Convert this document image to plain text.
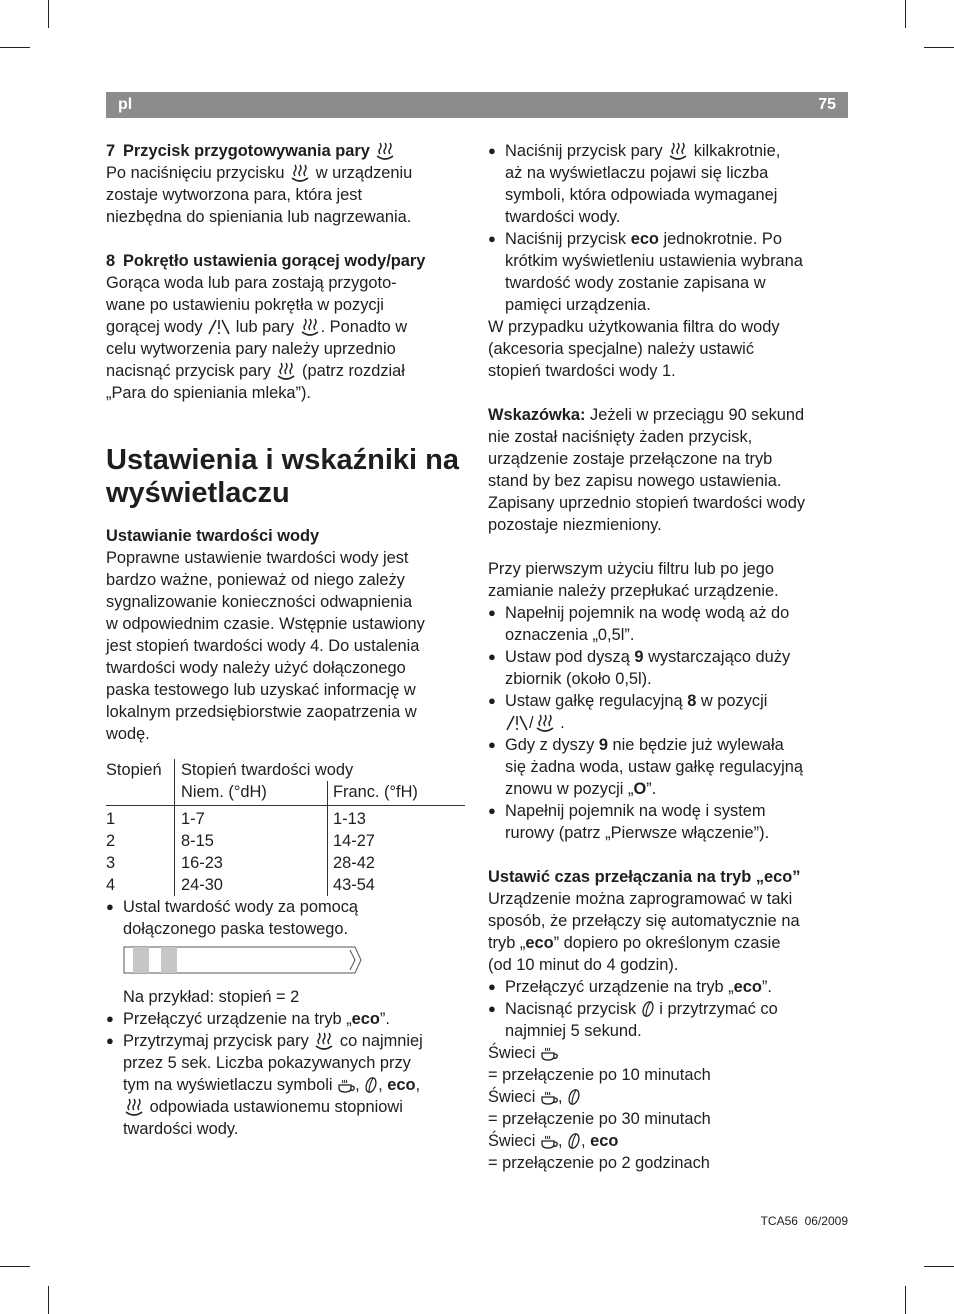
pl	75

7 Przycisk przygotowywania pary

Po naciśnięciu przycisku w urządzeniu

zostaje wytworzona para, która jest

niezbędna do spieniania lub nagrzewania.

8 Pokrętło ustawienia gorącej wody/pary

Gorąca woda lub para zostają przygoto-

wane po ustawieniu pokrętła w pozycji

gorącej wody lub pary . Ponadto w

celu wytworzenia pary należy uprzednio

nacisnąć przycisk pary (patrz rozdział

„Para do spieniania mleka”).

Ustawienia i wskaźniki na
wyświetlaczu

Ustawianie twardości wody

Poprawne ustawienie twardości wody jest

bardzo ważne, ponieważ od niego zależy

sygnalizowanie konieczności odwapnienia

w odpowiednim czasie. Wstępnie ustawiony

jest stopień twardości wody 4. Do ustalenia

twardości wody należy użyć dołączonego

paska testowego lub uzyskać informację w

lokalnym przedsiębiorstwie zaopatrzenia w

wodę.

Stopień	Stopień twardości wody	
	Niem. (°dH)	Franc. (°fH)
1	1-7	1-13
2	8-15	14-27
3	16-23	28-42
4	24-30	43-54

● Ustal twardość wody za pomocą

dołączonego paska testowego.

Na przykład: stopień = 2

● Przełączyć urządzenie na tryb „eco”.

● Przytrzymaj przycisk pary co najmniej

przez 5 sek. Liczba pokazywanych przy

tym na wyświetlaczu symboli , , eco,

odpowiada ustawionemu stopniowi

twardości wody.

● Naciśnij przycisk pary kilkakrotnie,

aż na wyświetlaczu pojawi się liczba

symboli, która odpowiada wymaganej

twardości wody.

● Naciśnij przycisk eco jednokrotnie. Po

krótkim wyświetleniu ustawienia wybrana

twardość wody zostanie zapisana w

pamięci urządzenia.

W przypadku użytkowania filtra do wody

(akcesoria specjalne) należy ustawić

stopień twardości wody 1.

Wskazówka: Jeżeli w przeciągu 90 sekund

nie został naciśnięty żaden przycisk,

urządzenie zostaje przełączone na tryb

stand by bez zapisu nowego ustawienia.

Zapisany uprzednio stopień twardości wody

pozostaje niezmieniony.

Przy pierwszym użyciu filtru lub po jego

zamianie należy przepłukać urządzenie.

● Napełnij pojemnik na wodę wodą aż do

oznaczenia „0,5l”.

● Ustaw pod dyszą 9 wystarczająco duży

zbiornik (około 0,5l).

● Ustaw gałkę regulacyjną 8 w pozycji

/ .

● Gdy z dyszy 9 nie będzie już wylewała

się żadna woda, ustaw gałkę regulacyjną

znowu w pozycji „O”.

● Napełnij pojemnik na wodę i system

rurowy (patrz „Pierwsze włączenie”).

Ustawić czas przełączania na tryb „eco”

Urządzenie można zaprogramować w taki

sposób, że przełączy się automatycznie na

tryb „eco” dopiero po określonym czasie

(od 10 minut do 4 godzin).

● Przełączyć urządzenie na tryb „eco”.

● Nacisnąć przycisk i przytrzymać co

najmniej 5 sekund.

Świeci

= przełączenie po 10 minutach

Świeci ,

= przełączenie po 30 minutach

Świeci , , eco

= przełączenie po 2 godzinach

TCA56 06/2009
